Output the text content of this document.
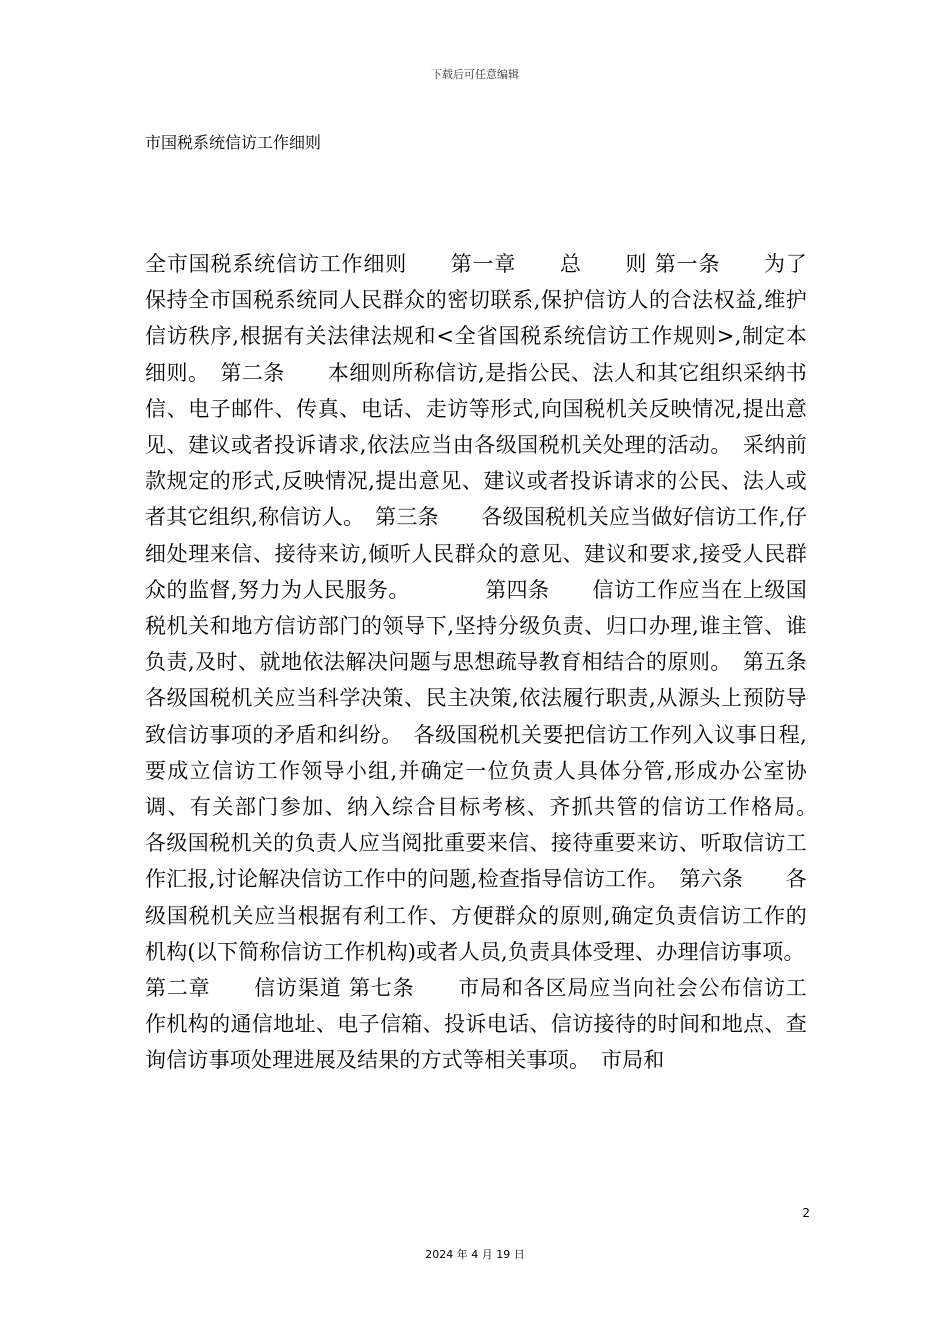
下载后可任意编辑
市国税系统信访工作细则

全市国税系统信访工作细则　　第一章　　总　　则 第一条　　为了保持全市国税系统同人民群众的密切联系,保护信访人的合法权益,维护信访秩序,根据有关法律法规和<全省国税系统信访工作规则>,制定本细则。　第二条　　本细则所称信访,是指公民、法人和其它组织采纳书信、电子邮件、传真、电话、走访等形式,向国税机关反映情况,提出意见、建议或者投诉请求,依法应当由各级国税机关处理的活动。　采纳前款规定的形式,反映情况,提出意见、建议或者投诉请求的公民、法人或者其它组织,称信访人。　第三条　　各级国税机关应当做好信访工作,仔细处理来信、接待来访,倾听人民群众的意见、建议和要求,接受人民群众的监督,努力为人民服务。　　　　第四条　　信访工作应当在上级国税机关和地方信访部门的领导下,坚持分级负责、归口办理,谁主管、谁负责,及时、就地依法解决问题与思想疏导教育相结合的原则。　第五条　　各级国税机关应当科学决策、民主决策,依法履行职责,从源头上预防导致信访事项的矛盾和纠纷。　各级国税机关要把信访工作列入议事日程,要成立信访工作领导小组,并确定一位负责人具体分管,形成办公室协调、有关部门参加、纳入综合目标考核、齐抓共管的信访工作格局。　各级国税机关的负责人应当阅批重要来信、接待重要来访、听取信访工作汇报,讨论解决信访工作中的问题,检查指导信访工作。　第六条　　各级国税机关应当根据有利工作、方便群众的原则,确定负责信访工作的机构(以下简称信访工作机构)或者人员,负责具体受理、办理信访事项。

第二章　　信访渠道 第七条　　市局和各区局应当向社会公布信访工作机构的通信地址、电子信箱、投诉电话、信访接待的时间和地点、查询信访事项处理进展及结果的方式等相关事项。　市局和

2
2024 年 4 月 19 日
